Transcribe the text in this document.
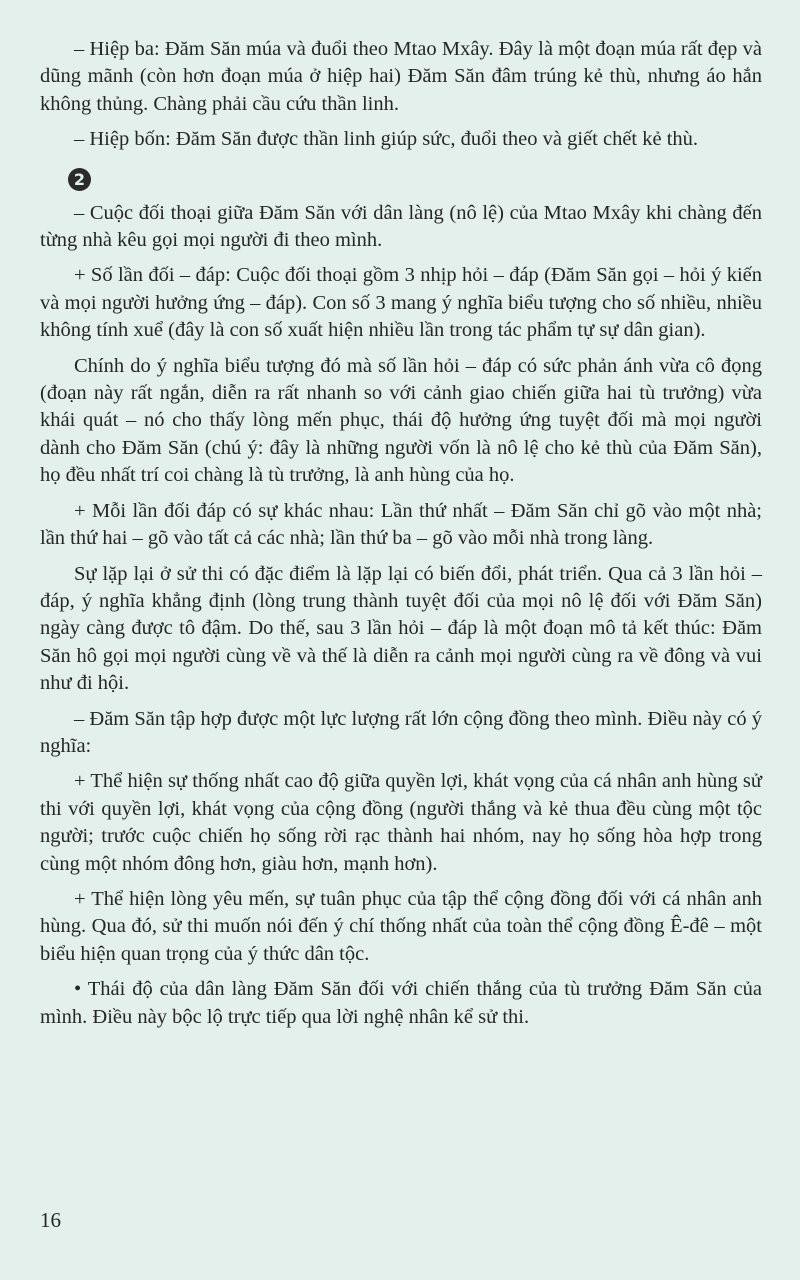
– Hiệp ba: Đăm Săn múa và đuổi theo Mtao Mxây. Đây là một đoạn múa rất đẹp và dũng mãnh (còn hơn đoạn múa ở hiệp hai) Đăm Săn đâm trúng kẻ thù, nhưng áo hắn không thủng. Chàng phải cầu cứu thần linh.

– Hiệp bốn: Đăm Săn được thần linh giúp sức, đuổi theo và giết chết kẻ thù.

2

– Cuộc đối thoại giữa Đăm Săn với dân làng (nô lệ) của Mtao Mxây khi chàng đến từng nhà kêu gọi mọi người đi theo mình.

+ Số lần đối – đáp: Cuộc đối thoại gồm 3 nhịp hỏi – đáp (Đăm Săn gọi – hỏi ý kiến và mọi người hưởng ứng – đáp). Con số 3 mang ý nghĩa biểu tượng cho số nhiều, nhiều không tính xuể (đây là con số xuất hiện nhiều lần trong tác phẩm tự sự dân gian).

Chính do ý nghĩa biểu tượng đó mà số lần hỏi – đáp có sức phản ánh vừa cô đọng (đoạn này rất ngắn, diễn ra rất nhanh so với cảnh giao chiến giữa hai tù trưởng) vừa khái quát – nó cho thấy lòng mến phục, thái độ hưởng ứng tuyệt đối mà mọi người dành cho Đăm Săn (chú ý: đây là những người vốn là nô lệ cho kẻ thù của Đăm Săn), họ đều nhất trí coi chàng là tù trưởng, là anh hùng của họ.

+ Mỗi lần đối đáp có sự khác nhau: Lần thứ nhất – Đăm Săn chỉ gõ vào một nhà; lần thứ hai – gõ vào tất cả các nhà; lần thứ ba – gõ vào mỗi nhà trong làng.

Sự lặp lại ở sử thi có đặc điểm là lặp lại có biến đổi, phát triển. Qua cả 3 lần hỏi – đáp, ý nghĩa khẳng định (lòng trung thành tuyệt đối của mọi nô lệ đối với Đăm Săn) ngày càng được tô đậm. Do thế, sau 3 lần hỏi – đáp là một đoạn mô tả kết thúc: Đăm Săn hô gọi mọi người cùng về và thế là diễn ra cảnh mọi người cùng ra về đông và vui như đi hội.

– Đăm Săn tập hợp được một lực lượng rất lớn cộng đồng theo mình. Điều này có ý nghĩa:

+ Thể hiện sự thống nhất cao độ giữa quyền lợi, khát vọng của cá nhân anh hùng sử thi với quyền lợi, khát vọng của cộng đồng (người thắng và kẻ thua đều cùng một tộc người; trước cuộc chiến họ sống rời rạc thành hai nhóm, nay họ sống hòa hợp trong cùng một nhóm đông hơn, giàu hơn, mạnh hơn).

+ Thể hiện lòng yêu mến, sự tuân phục của tập thể cộng đồng đối với cá nhân anh hùng. Qua đó, sử thi muốn nói đến ý chí thống nhất của toàn thể cộng đồng Ê-đê – một biểu hiện quan trọng của ý thức dân tộc.

• Thái độ của dân làng Đăm Săn đối với chiến thắng của tù trưởng Đăm Săn của mình. Điều này bộc lộ trực tiếp qua lời nghệ nhân kể sử thi.

16
